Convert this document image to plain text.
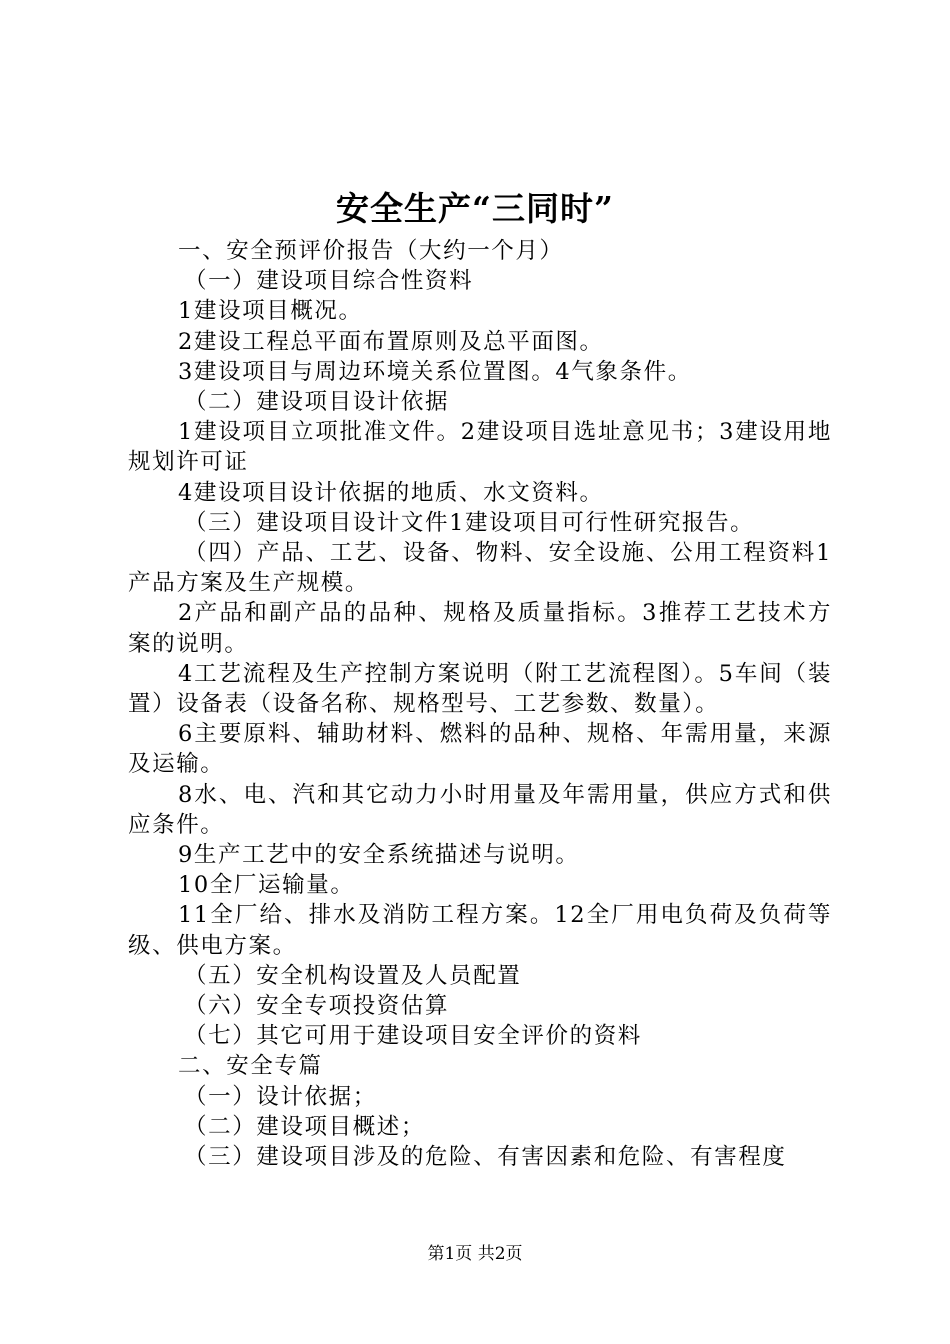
安全生产“三同时”

一、安全预评价报告（大约一个月）

（一）建设项目综合性资料

1建设项目概况。

2建设工程总平面布置原则及总平面图。

3建设项目与周边环境关系位置图。4气象条件。

（二）建设项目设计依据

1建设项目立项批准文件。2建设项目选址意见书；3建设用地规划许可证

4建设项目设计依据的地质、水文资料。

（三）建设项目设计文件1建设项目可行性研究报告。

（四）产品、工艺、设备、物料、安全设施、公用工程资料1产品方案及生产规模。

2产品和副产品的品种、规格及质量指标。3推荐工艺技术方案的说明。

4工艺流程及生产控制方案说明（附工艺流程图）。5车间（装置）设备表（设备名称、规格型号、工艺参数、数量）。

6主要原料、辅助材料、燃料的品种、规格、年需用量，来源及运输。

8水、电、汽和其它动力小时用量及年需用量，供应方式和供应条件。

9生产工艺中的安全系统描述与说明。

10全厂运输量。

11全厂给、排水及消防工程方案。12全厂用电负荷及负荷等级、供电方案。

（五）安全机构设置及人员配置

（六）安全专项投资估算

（七）其它可用于建设项目安全评价的资料

二、安全专篇

（一）设计依据；

（二）建设项目概述；

（三）建设项目涉及的危险、有害因素和危险、有害程度

第1页 共2页
